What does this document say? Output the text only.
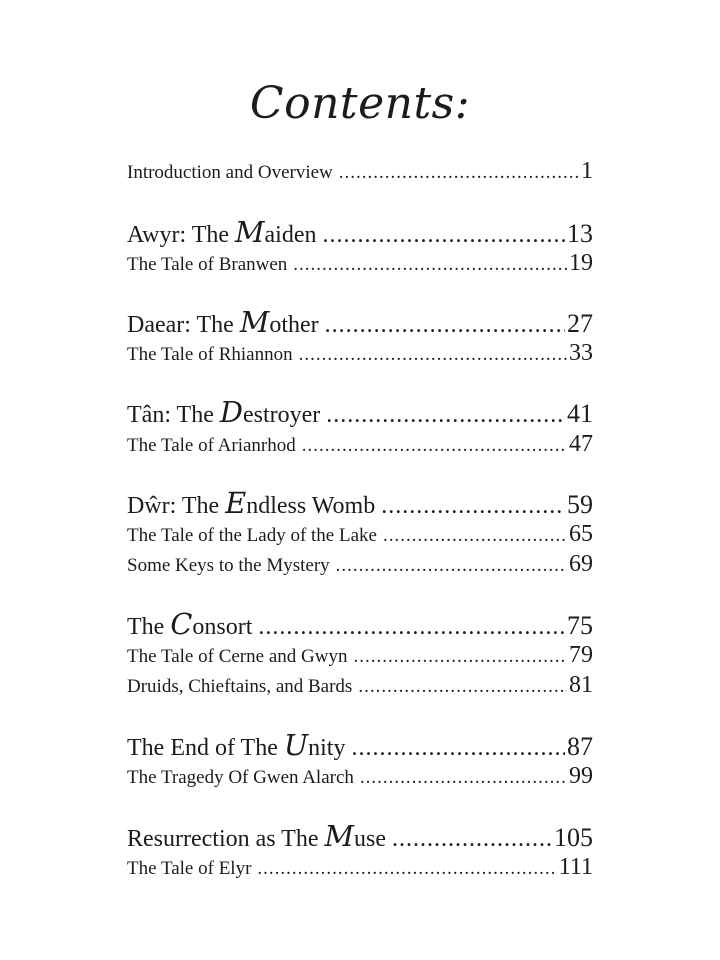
Contents:
Introduction and Overview .....	1
Awyr: The Maiden .....	13
The Tale of Branwen .....	19
Daear: The Mother .....	27
The Tale of Rhiannon .....	33
Tân: The Destroyer .....	41
The Tale of Arianrhod .....	47
Dŵr: The Endless Womb .....	59
The Tale of the Lady of the Lake .....	65
Some Keys to the Mystery .....	69
The Consort .....	75
The Tale of Cerne and Gwyn .....	79
Druids, Chieftains, and Bards .....	81
The End of The Unity .....	87
The Tragedy Of Gwen Alarch .....	99
Resurrection as The Muse .....	105
The Tale of Elyr .....	111
